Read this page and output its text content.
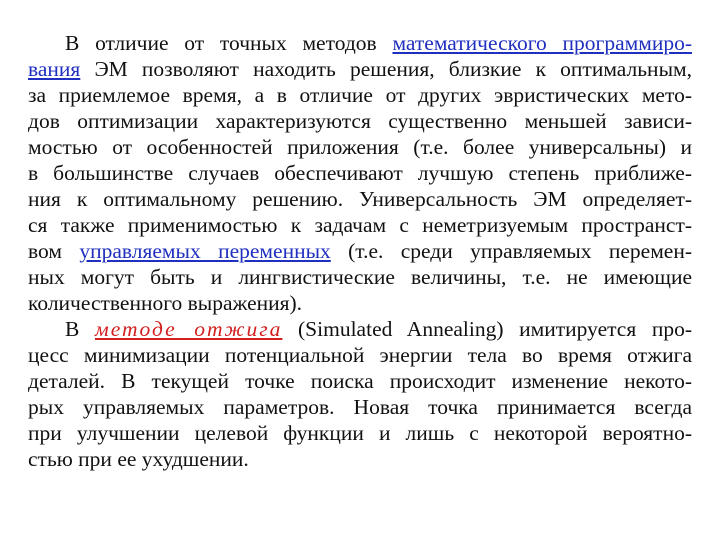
В отличие от точных методов математического программиро-
вания ЭМ позволяют находить решения, близкие к оптимальным,
за приемлемое время, а в отличие от других эвристических мето-
дов оптимизации характеризуются существенно меньшей зависи-
мостью от особенностей приложения (т.е. более универсальны) и
в большинстве случаев обеспечивают лучшую степень приближе-
ния к оптимальному решению. Универсальность ЭМ определяет-
ся также применимостью к задачам с неметризуемым пространст-
вом управляемых переменных (т.е. среди управляемых перемен-
ных могут быть и лингвистические величины, т.е. не имеющие
количественного выражения).
В методе отжига (Simulated Annealing) имитируется про-
цесс минимизации потенциальной энергии тела во время отжига
деталей. В текущей точке поиска происходит изменение некото-
рых управляемых параметров. Новая точка принимается всегда
при улучшении целевой функции и лишь с некоторой вероятно-
стью при ее ухудшении.
